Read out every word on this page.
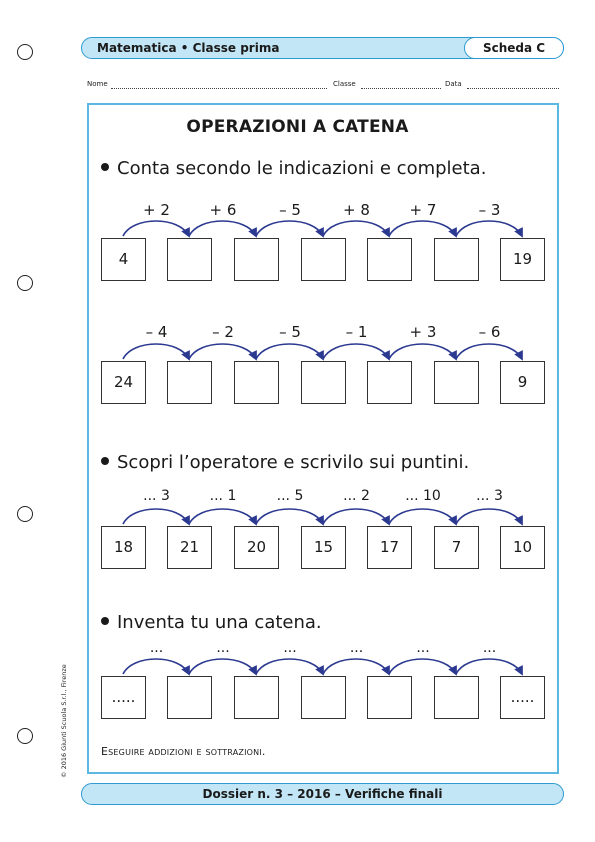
Matematica • Classe prima	Scheda C
Nome	Classe	Data
OPERAZIONI A CATENA
Conta secondo le indicazioni e completa.
4	19
+ 2	+ 6	– 5	+ 8	+ 7	– 3
24	9
– 4	– 2	– 5	– 1	+ 3	– 6
Scopri l’operatore e scrivilo sui puntini.
18	21	20	15	17	7	10
... 3	... 1	... 5	... 2	... 10	... 3
Inventa tu una catena.
.....	.....
...	...	...	...	...	...
Eseguire addizioni e sottrazioni.
© 2016 Giunti Scuola S.r.l., Firenze
Dossier n. 3 – 2016 – Verifiche finali
